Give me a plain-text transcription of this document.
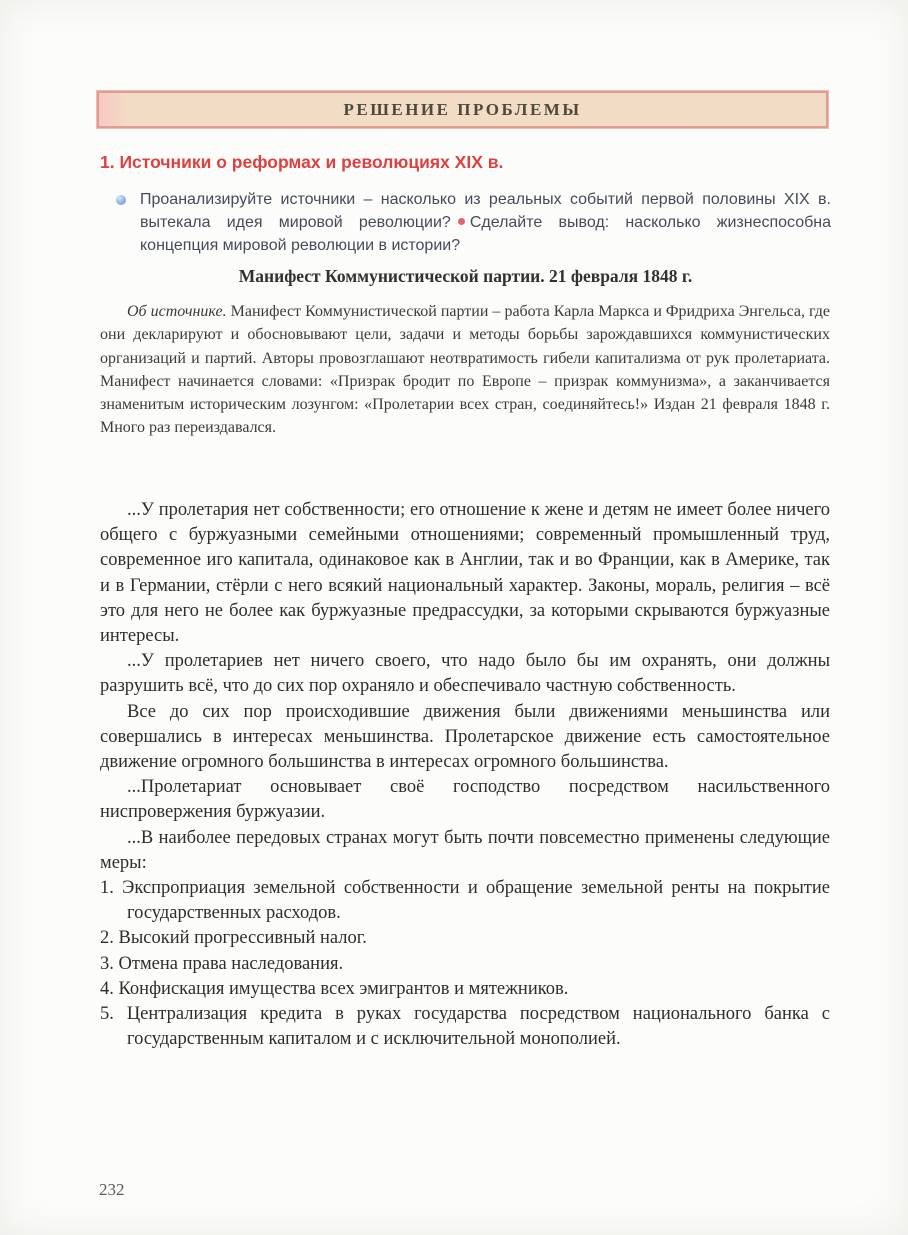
РЕШЕНИЕ ПРОБЛЕМЫ
1. Источники о реформах и революциях XIX в.
Проанализируйте источники – насколько из реальных событий первой половины XIX в. вытекала идея мировой революции? Сделайте вывод: насколько жизнеспособна концепция мировой революции в истории?
Манифест Коммунистической партии. 21 февраля 1848 г.
Об источнике. Манифест Коммунистической партии – работа Карла Маркса и Фридриха Энгельса, где они декларируют и обосновывают цели, задачи и методы борьбы зарождавшихся коммунистических организаций и партий. Авторы провозглашают неотвратимость гибели капитализма от рук пролетариата. Манифест начинается словами: «Призрак бродит по Европе – призрак коммунизма», а заканчивается знаменитым историческим лозунгом: «Пролетарии всех стран, соединяйтесь!» Издан 21 февраля 1848 г. Много раз переиздавался.

...У пролетария нет собственности; его отношение к жене и детям не имеет более ничего общего с буржуазными семейными отношениями; современный промышленный труд, современное иго капитала, одинаковое как в Англии, так и во Франции, как в Америке, так и в Германии, стёрли с него всякий национальный характер. Законы, мораль, религия – всё это для него не более как буржуазные предрассудки, за которыми скрываются буржуазные интересы.

...У пролетариев нет ничего своего, что надо было бы им охранять, они должны разрушить всё, что до сих пор охраняло и обеспечивало частную собственность.

Все до сих пор происходившие движения были движениями меньшинства или совершались в интересах меньшинства. Пролетарское движение есть самостоятельное движение огромного большинства в интересах огромного большинства.

...Пролетариат основывает своё господство посредством насильственного ниспровержения буржуазии.

...В наиболее передовых странах могут быть почти повсеместно применены следующие меры:

1. Экспроприация земельной собственности и обращение земельной ренты на покрытие государственных расходов.
2. Высокий прогрессивный налог.
3. Отмена права наследования.
4. Конфискация имущества всех эмигрантов и мятежников.
5. Централизация кредита в руках государства посредством национального банка с государственным капиталом и с исключительной монополией.
232
